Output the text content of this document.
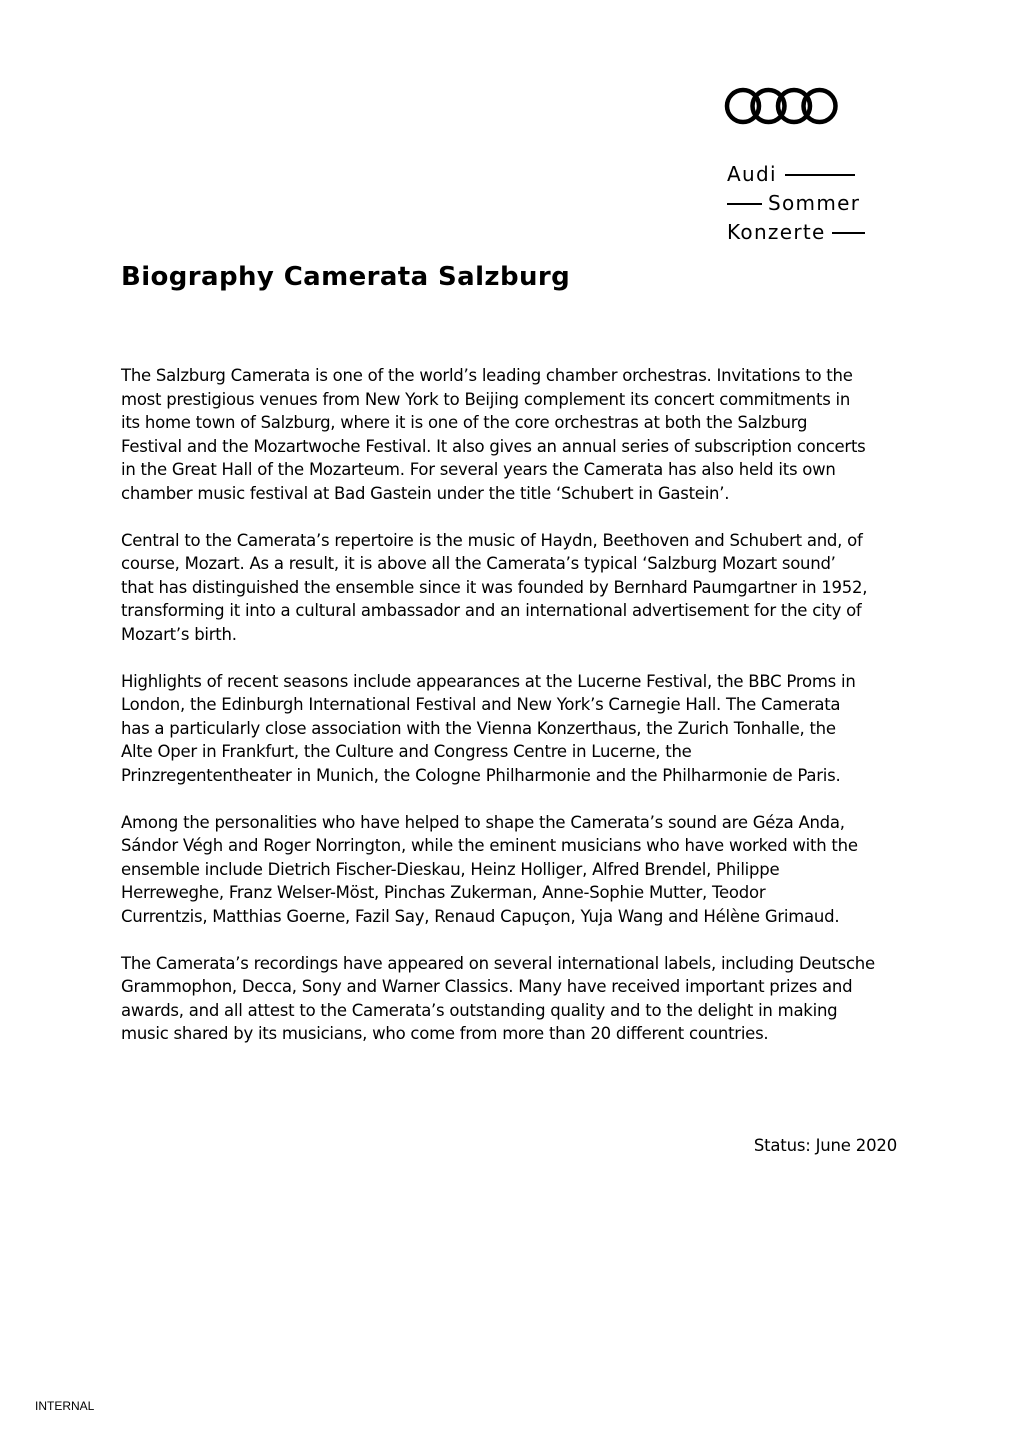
Audi
Sommer
Konzerte
Biography Camerata Salzburg

The Salzburg Camerata is one of the world’s leading chamber orchestras. Invitations to the
most prestigious venues from New York to Beijing complement its concert commitments in
its home town of Salzburg, where it is one of the core orchestras at both the Salzburg
Festival and the Mozartwoche Festival. It also gives an annual series of subscription concerts
in the Great Hall of the Mozarteum. For several years the Camerata has also held its own
chamber music festival at Bad Gastein under the title ‘Schubert in Gastein’.

Central to the Camerata’s repertoire is the music of Haydn, Beethoven and Schubert and, of
course, Mozart. As a result, it is above all the Camerata’s typical ‘Salzburg Mozart sound’
that has distinguished the ensemble since it was founded by Bernhard Paumgartner in 1952,
transforming it into a cultural ambassador and an international advertisement for the city of
Mozart’s birth.

Highlights of recent seasons include appearances at the Lucerne Festival, the BBC Proms in
London, the Edinburgh International Festival and New York’s Carnegie Hall. The Camerata
has a particularly close association with the Vienna Konzerthaus, the Zurich Tonhalle, the
Alte Oper in Frankfurt, the Culture and Congress Centre in Lucerne, the
Prinzregententheater in Munich, the Cologne Philharmonie and the Philharmonie de Paris.

Among the personalities who have helped to shape the Camerata’s sound are Géza Anda,
Sándor Végh and Roger Norrington, while the eminent musicians who have worked with the
ensemble include Dietrich Fischer-Dieskau, Heinz Holliger, Alfred Brendel, Philippe
Herreweghe, Franz Welser-Möst, Pinchas Zukerman, Anne-Sophie Mutter, Teodor
Currentzis, Matthias Goerne, Fazil Say, Renaud Capuçon, Yuja Wang and Hélène Grimaud.

The Camerata’s recordings have appeared on several international labels, including Deutsche
Grammophon, Decca, Sony and Warner Classics. Many have received important prizes and
awards, and all attest to the Camerata’s outstanding quality and to the delight in making
music shared by its musicians, who come from more than 20 different countries.

Status: June 2020
INTERNAL
